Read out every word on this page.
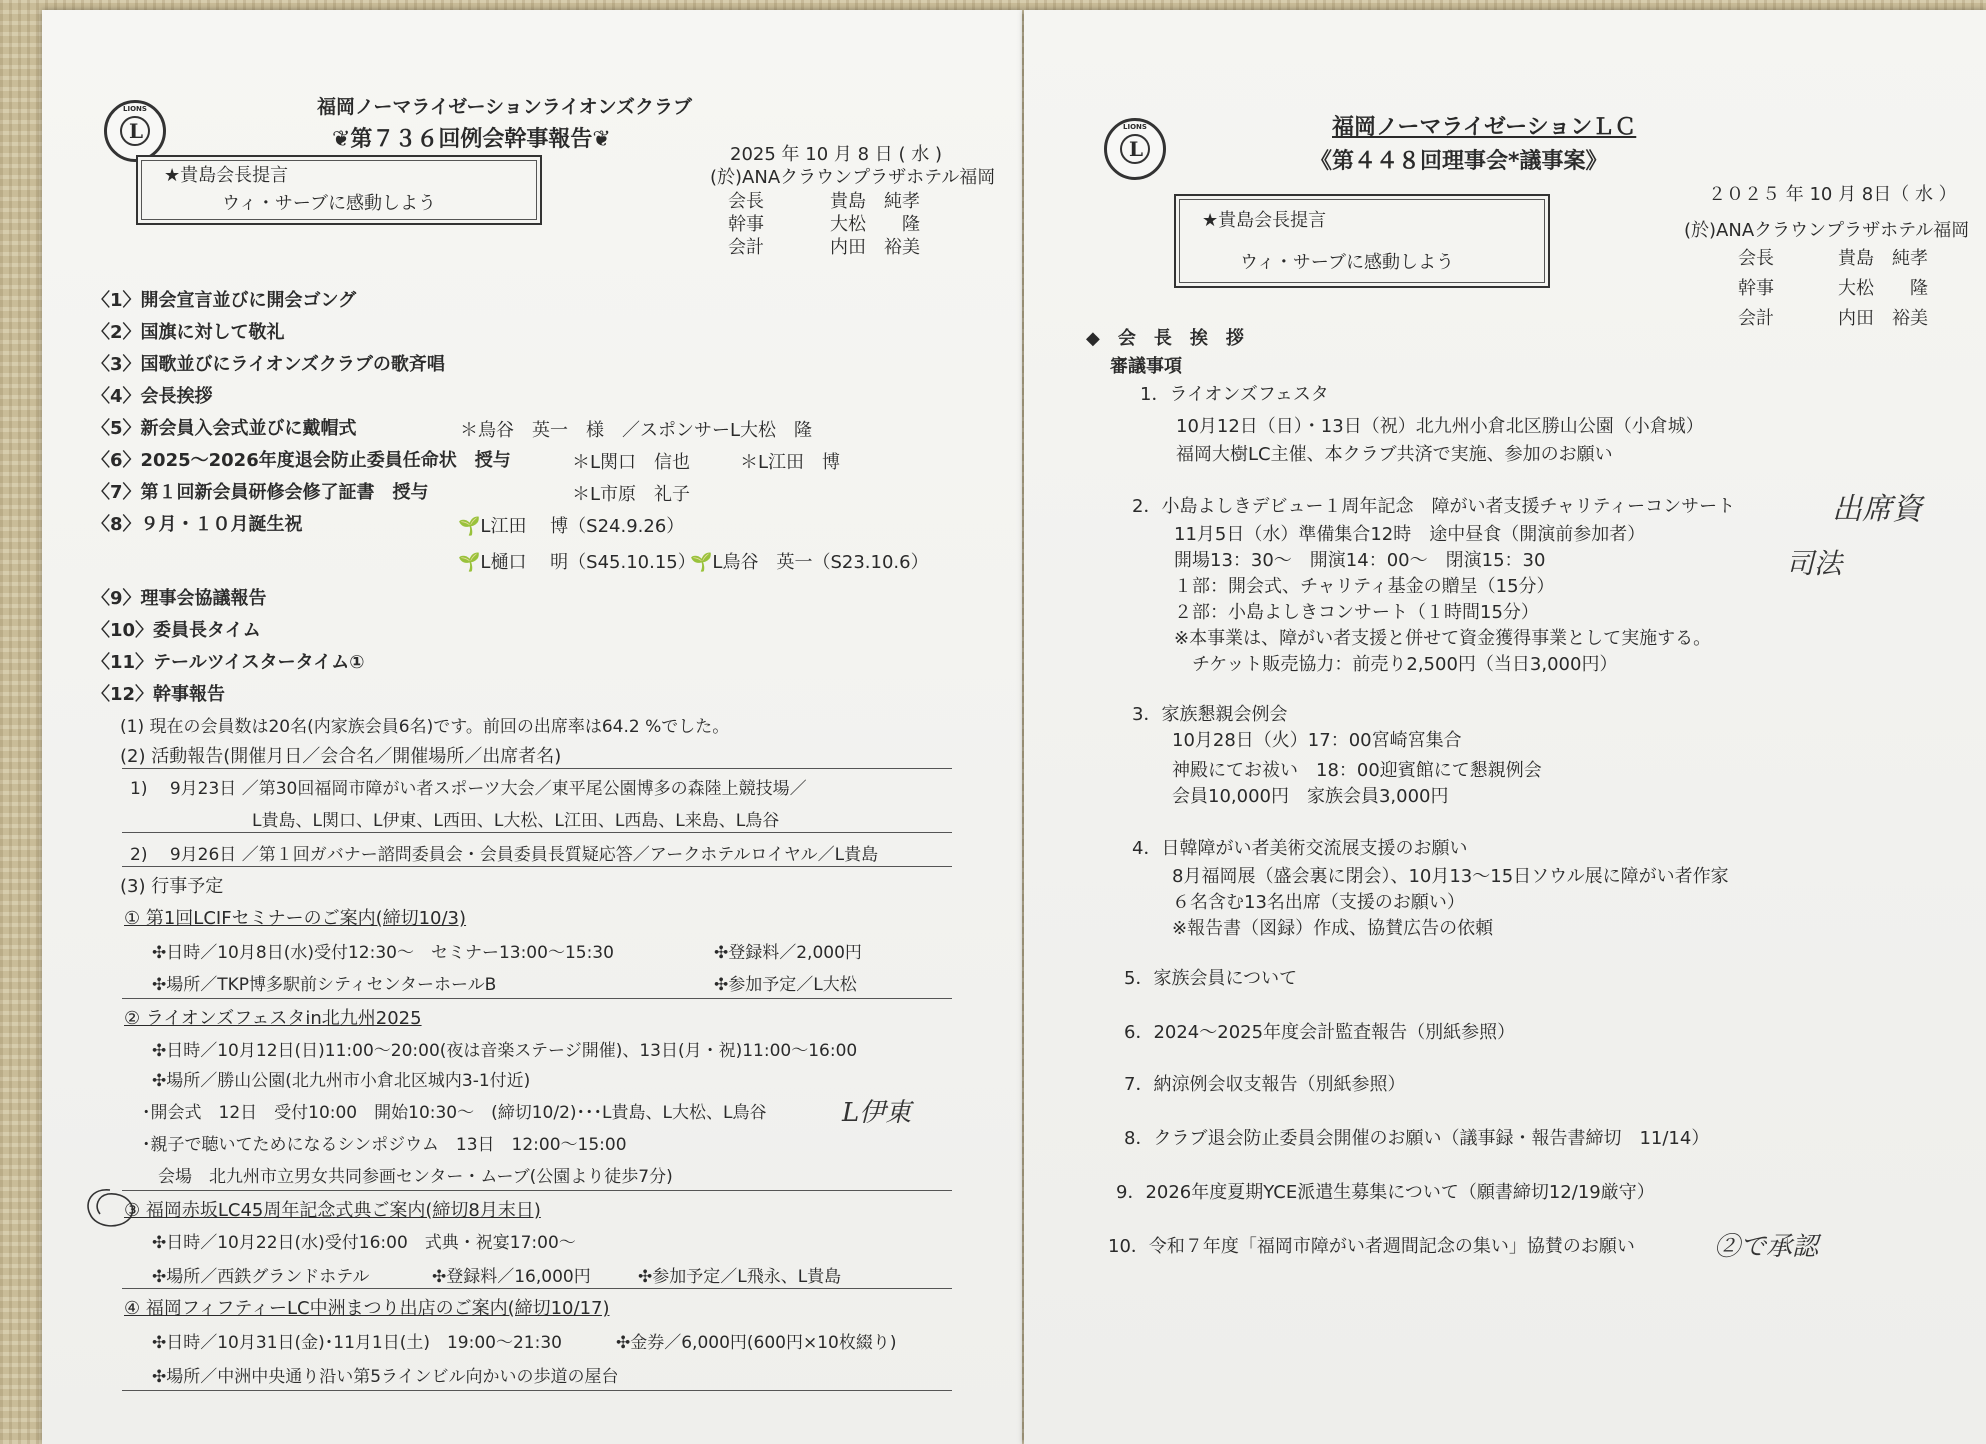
LIONS
L
福岡ノーマライゼーションライオンズクラブ
❦第７３６回例会幹事報告❦
★貴島会長提言
ウィ・サーブに感動しよう
2025 年 10 月 8 日 ( 水 )
(於)ANAクラウンプラザホテル福岡
会長	貴島　純孝
幹事	大松　　隆
会計	内田　裕美
〈1〉開会宣言並びに開会ゴング
〈2〉国旗に対して敬礼
〈3〉国歌並びにライオンズクラブの歌斉唱
〈4〉会長挨拶
〈5〉新会員入会式並びに戴帽式	＊鳥谷　英一　様　／スポンサーL大松　隆
〈6〉2025～2026年度退会防止委員任命状　授与	＊L関口　信也	＊L江田　博
〈7〉第１回新会員研修会修了証書　授与	＊L市原　礼子
〈8〉９月・１０月誕生祝	🌱L江田　 博（S24.9.26）
🌱L樋口　 明（S45.10.15）
🌱L鳥谷　英一（S23.10.6）
〈9〉理事会協議報告
〈10〉委員長タイム
〈11〉テールツイスタータイム①
〈12〉幹事報告
(1) 現在の会員数は20名(内家族会員6名)です。前回の出席率は64.2 %でした。
(2) 活動報告(開催月日／会合名／開催場所／出席者名)
1)　 9月23日 ／第30回福岡市障がい者スポーツ大会／東平尾公園博多の森陸上競技場／
L貴島、L関口、L伊東、L西田、L大松、L江田、L西島、L来島、L鳥谷
2)　 9月26日 ／第１回ガバナー諮問委員会・会員委員長質疑応答／アークホテルロイヤル／L貴島
(3) 行事予定
① 第1回LCIFセミナーのご案内(締切10/3)
✣日時／10月8日(水)受付12:30～　セミナー13:00～15:30	✣登録料／2,000円
✣場所／TKP博多駅前シティセンターホールB	✣参加予定／L大松
② ライオンズフェスタin北九州2025
✣日時／10月12日(日)11:00～20:00(夜は音楽ステージ開催)、13日(月・祝)11:00～16:00
✣場所／勝山公園(北九州市小倉北区城内3-1付近)
･開会式　12日　受付10:00　開始10:30～　(締切10/2)･･･L貴島、L大松、L鳥谷	L伊東
･親子で聴いてためになるシンポジウム　13日　12:00～15:00
会場　北九州市立男女共同参画センター・ムーブ(公園より徒歩7分)
③ 福岡赤坂LC45周年記念式典ご案内(締切8月末日)
✣日時／10月22日(水)受付16:00　式典・祝宴17:00～
✣場所／西鉄グランドホテル	✣登録料／16,000円	✣参加予定／L飛永、L貴島
④ 福岡フィフティーLC中洲まつり出店のご案内(締切10/17)
✣日時／10月31日(金)･11月1日(土)　19:00～21:30	✣金券／6,000円(600円×10枚綴り)
✣場所／中洲中央通り沿い第5ラインビル向かいの歩道の屋台
LIONS
L
福岡ノーマライゼーションＬＣ
《第４４８回理事会*議事案》
★貴島会長提言
ウィ・サーブに感動しよう
２０２５ 年 10 月 8日（ 水 ）
(於)ANAクラウンプラザホテル福岡
会長	貴島　純孝
幹事	大松　　隆
会計	内田　裕美
◆　会　長　挨　拶
審議事項
1．ライオンズフェスタ
10月12日（日）・13日（祝）北九州小倉北区勝山公園（小倉城）
福岡大樹LC主催、本クラブ共済で実施、参加のお願い
2．小島よしきデビュー１周年記念　障がい者支援チャリティーコンサート	出席資
司法
11月5日（水）準備集合12時　途中昼食（開演前参加者）
開場13：30～　開演14：00～　閉演15：30
１部：開会式、チャリティ基金の贈呈（15分）
２部：小島よしきコンサート（１時間15分）
※本事業は、障がい者支援と併せて資金獲得事業として実施する。
チケット販売協力：前売り2,500円（当日3,000円）
3．家族懇親会例会
10月28日（火）17：00宮崎宮集合
神殿にてお祓い　18：00迎賓館にて懇親例会
会員10,000円　家族会員3,000円
4．日韓障がい者美術交流展支援のお願い
8月福岡展（盛会裏に閉会）、10月13～15日ソウル展に障がい者作家
６名含む13名出席（支援のお願い）
※報告書（図録）作成、協賛広告の依頼
5．家族会員について
6．2024～2025年度会計監査報告（別紙参照）
7．納涼例会収支報告（別紙参照）
8．クラブ退会防止委員会開催のお願い（議事録・報告書締切　11/14）
9．2026年度夏期YCE派遣生募集について（願書締切12/19厳守）
10．令和７年度「福岡市障がい者週間記念の集い」協賛のお願い	②で承認
